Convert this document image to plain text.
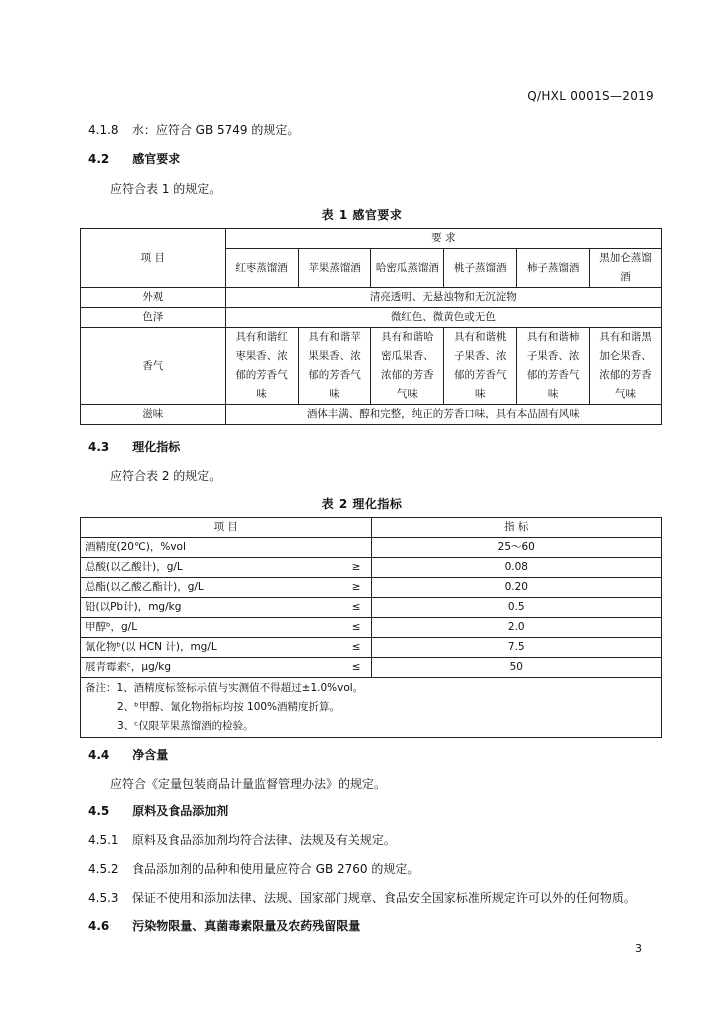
Q/HXL 0001S—2019
4.1.8 水：应符合 GB 5749 的规定。
4.2 感官要求
应符合表 1 的规定。
表 1 感官要求
项 目	要 求					
	红枣蒸馏酒	苹果蒸馏酒	哈密瓜蒸馏酒	桃子蒸馏酒	柿子蒸馏酒	黑加仑蒸馏酒

外观	清亮透明、无悬浊物和无沉淀物					
色泽	微红色、微黄色或无色					
香气	具有和谐红枣果香、浓郁的芳香气味	具有和谐苹果果香、浓郁的芳香气味	具有和谐哈密瓜果香、浓郁的芳香气味	具有和谐桃子果香、浓郁的芳香气味	具有和谐柿子果香、浓郁的芳香气味	具有和谐黑加仑果香、浓郁的芳香气味
滋味	酒体丰满、醇和完整，纯正的芳香口味，具有本品固有风味					
4.3 理化指标
应符合表 2 的规定。
表 2 理化指标
项 目	指 标
酒精度(20℃)，%vol	25～60
总酸(以乙酸计)，g/L ≥	0.08
总酯(以乙酸乙酯计)，g/L ≥	0.20
铅(以Pb计)，mg/kg ≤	0.5
甲醇ᵇ，g/L ≤	2.0
氰化物ᵇ(以 HCN 计)，mg/L ≤	7.5
展青霉素ᶜ，μg/kg ≤	50

备注：1、酒精度标签标示值与实测值不得超过±1.0%vol。
2、ᵇ甲醇、氰化物指标均按 100%酒精度折算。
3、ᶜ仅限苹果蒸馏酒的检验。	
4.4 净含量
应符合《定量包装商品计量监督管理办法》的规定。
4.5 原料及食品添加剂
4.5.1 原料及食品添加剂均符合法律、法规及有关规定。
4.5.2 食品添加剂的品种和使用量应符合 GB 2760 的规定。
4.5.3 保证不使用和添加法律、法规、国家部门规章、食品安全国家标准所规定许可以外的任何物质。
4.6 污染物限量、真菌毒素限量及农药残留限量
3
